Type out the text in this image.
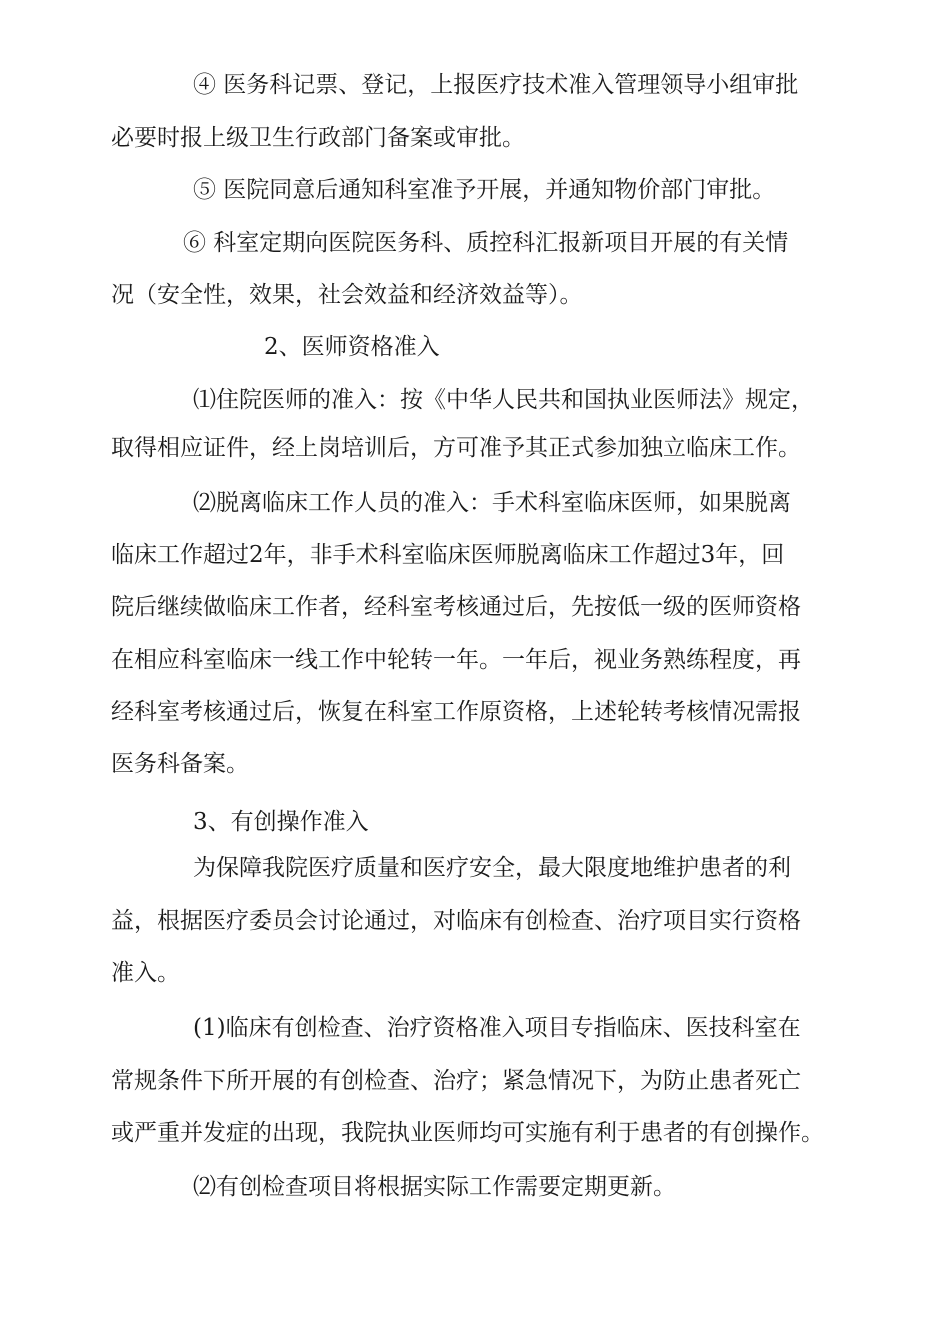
④ 医务科记票、登记，上报医疗技术准入管理领导小组审批

必要时报上级卫生行政部门备案或审批。

⑤ 医院同意后通知科室准予开展，并通知物价部门审批。

⑥ 科室定期向医院医务科、质控科汇报新项目开展的有关情

况（安全性，效果，社会效益和经济效益等）。

2、医师资格准入

⑴住院医师的准入：按《中华人民共和国执业医师法》规定，

取得相应证件，经上岗培训后，方可准予其正式参加独立临床工作。

⑵脱离临床工作人员的准入：手术科室临床医师，如果脱离

临床工作超过2年，非手术科室临床医师脱离临床工作超过3年，回

院后继续做临床工作者，经科室考核通过后，先按低一级的医师资格

在相应科室临床一线工作中轮转一年。一年后，视业务熟练程度，再

经科室考核通过后，恢复在科室工作原资格，上述轮转考核情况需报

医务科备案。

3、有创操作准入

为保障我院医疗质量和医疗安全，最大限度地维护患者的利

益，根据医疗委员会讨论通过，对临床有创检查、治疗项目实行资格

准入。

(1)临床有创检查、治疗资格准入项目专指临床、医技科室在

常规条件下所开展的有创检查、治疗；紧急情况下，为防止患者死亡

或严重并发症的出现，我院执业医师均可实施有利于患者的有创操作。

⑵有创检查项目将根据实际工作需要定期更新。
